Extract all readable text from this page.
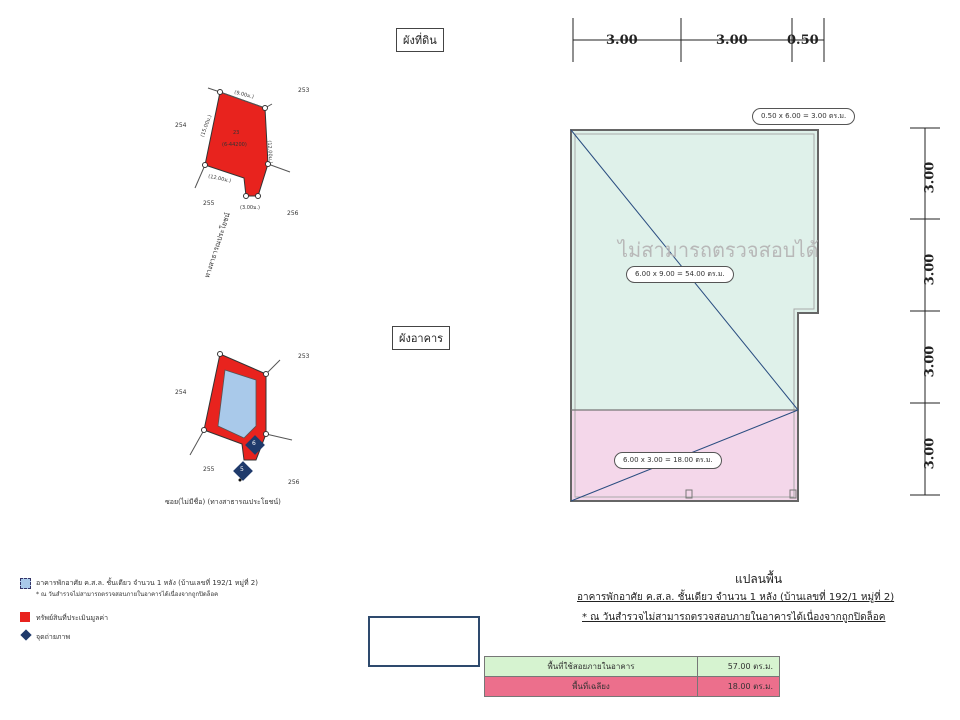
ผังที่ดิน
23
(6-44200)
253
254
255
256
(9.00ม.)
(15.00ม.)
(12.00ม.)
(12.00ม.)
(3.00ม.)
ทางสาธารณประโยชน์
ผังอาคาร
6
5
253
254
255
256
ซอย(ไม่มีชื่อ) (ทางสาธารณประโยชน์)
อาคารพักอาศัย ค.ส.ล. ชั้นเดียว จำนวน 1 หลัง (บ้านเลขที่ 192/1 หมู่ที่ 2)
* ณ วันสำรวจไม่สามารถตรวจสอบภายในอาคารได้เนื่องจากถูกปิดล็อค
ทรัพย์สินที่ประเมินมูลค่า
จุดถ่ายภาพ
3.00	3.00	0.50
3.00
3.00
3.00
3.00
0.50 x 6.00 = 3.00 ตร.ม.
ไม่สามารถตรวจสอบได้
6.00 x 9.00 = 54.00 ตร.ม.
6.00 x 3.00 = 18.00 ตร.ม.
แปลนพื้น
อาคารพักอาศัย ค.ส.ล. ชั้นเดียว จำนวน 1 หลัง (บ้านเลขที่ 192/1 หมู่ที่ 2)
* ณ วันสำรวจไม่สามารถตรวจสอบภายในอาคารได้เนื่องจากถูกปิดล็อค
พื้นที่ใช้สอยภายในอาคาร	57.00 ตร.ม.
พื้นที่เฉลียง	18.00 ตร.ม.
